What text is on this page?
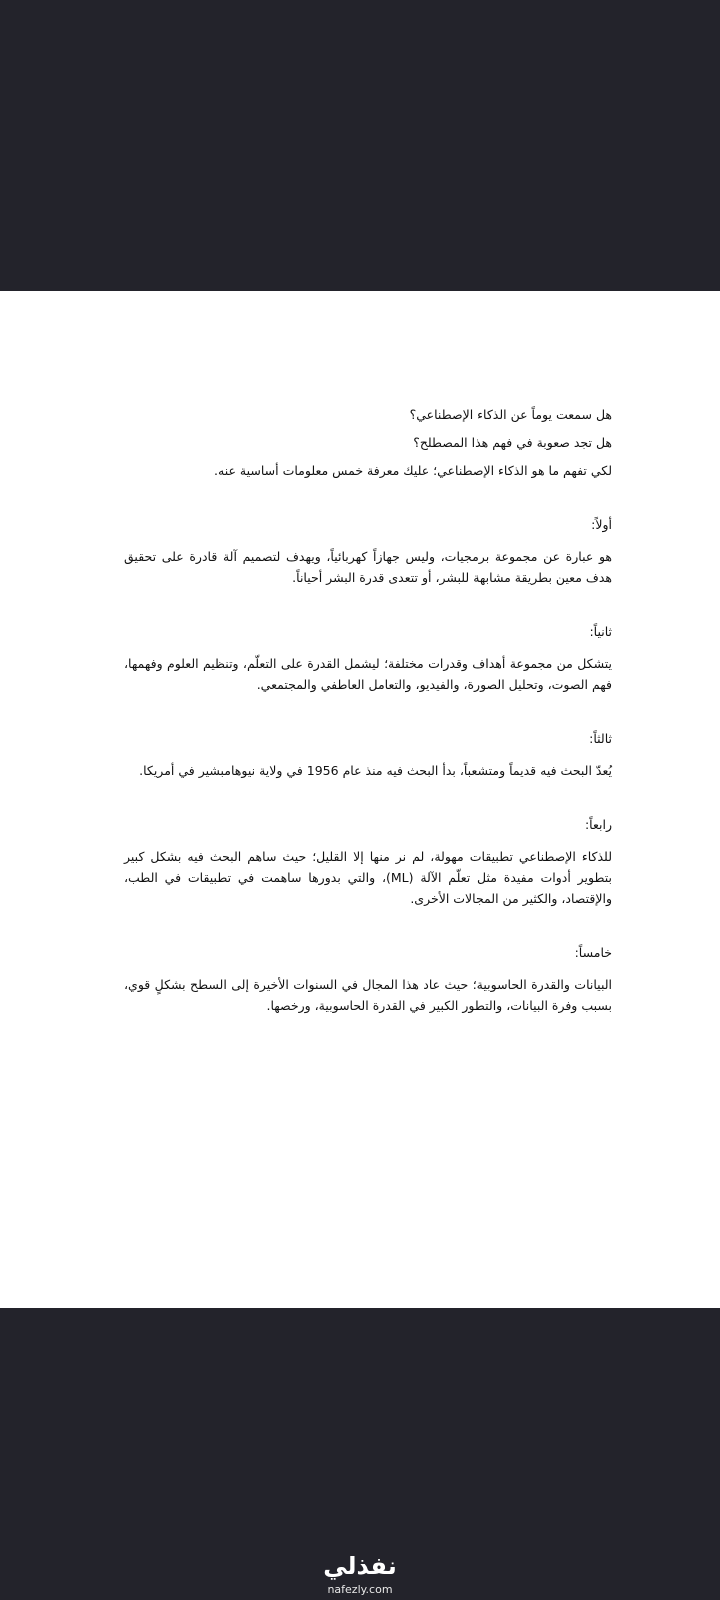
هل سمعت يوماً عن الذكاء الإصطناعي؟

هل تجد صعوبة في فهم هذا المصطلح؟

لكي تفهم ما هو الذكاء الإصطناعي؛ عليك معرفة خمس معلومات أساسية عنه.

أولاً:

هو عبارة عن مجموعة برمجيات، وليس جهازاً كهربائياً، ويهدف لتصميم آلة قادرة على تحقيق هدف معين بطريقة مشابهة للبشر، أو تتعدى قدرة البشر أحياناً.

ثانياً:

يتشكل من مجموعة أهداف وقدرات مختلفة؛ ليشمل القدرة على التعلّم، وتنظيم العلوم وفهمها، فهم الصوت، وتحليل الصورة، والفيديو، والتعامل العاطفي والمجتمعي.

ثالثاً:

يُعدّ البحث فيه قديماً ومتشعباً، بدأ البحث فيه منذ عام 1956 في ولاية نيوهامبشير في أمريكا.

رابعاً:

للذكاء الإصطناعي تطبيقات مهولة، لم نر منها إلا القليل؛ حيث ساهم البحث فيه بشكل كبير بتطوير أدوات مفيدة مثل تعلّم الآلة (ML)، والتي بدورها ساهمت في تطبيقات في الطب، والإقتصاد، والكثير من المجالات الأخرى.

خامساً:

البيانات والقدرة الحاسوبية؛ حيث عاد هذا المجال في السنوات الأخيرة إلى السطح بشكلٍ قوي، بسبب وفرة البيانات، والتطور الكبير في القدرة الحاسوبية، ورخصها.

نفذلي
nafezly.com
